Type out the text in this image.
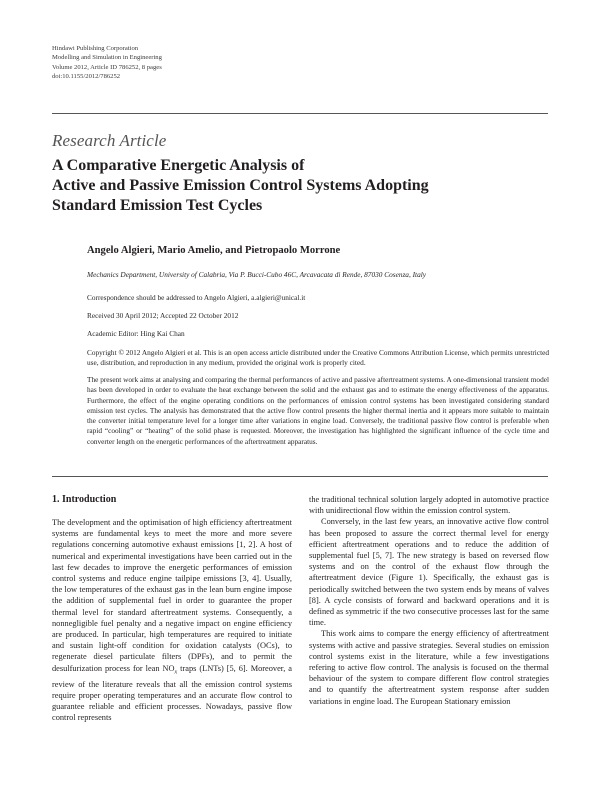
Hindawi Publishing Corporation
Modelling and Simulation in Engineering
Volume 2012, Article ID 786252, 8 pages
doi:10.1155/2012/786252
Research Article
A Comparative Energetic Analysis of
Active and Passive Emission Control Systems Adopting
Standard Emission Test Cycles
Angelo Algieri, Mario Amelio, and Pietropaolo Morrone
Mechanics Department, University of Calabria, Via P. Bucci-Cubo 46C, Arcavacata di Rende, 87030 Cosenza, Italy
Correspondence should be addressed to Angelo Algieri, a.algieri@unical.it
Received 30 April 2012; Accepted 22 October 2012
Academic Editor: Hing Kai Chan
Copyright © 2012 Angelo Algieri et al. This is an open access article distributed under the Creative Commons Attribution License, which permits unrestricted use, distribution, and reproduction in any medium, provided the original work is properly cited.
The present work aims at analysing and comparing the thermal performances of active and passive aftertreatment systems. A one-dimensional transient model has been developed in order to evaluate the heat exchange between the solid and the exhaust gas and to estimate the energy effectiveness of the apparatus. Furthermore, the effect of the engine operating conditions on the performances of emission control systems has been investigated considering standard emission test cycles. The analysis has demonstrated that the active flow control presents the higher thermal inertia and it appears more suitable to maintain the converter initial temperature level for a longer time after variations in engine load. Conversely, the traditional passive flow control is preferable when rapid “cooling” or “heating” of the solid phase is requested. Moreover, the investigation has highlighted the significant influence of the cycle time and converter length on the energetic performances of the aftertreatment apparatus.
1. Introduction

The development and the optimisation of high efficiency aftertreatment systems are fundamental keys to meet the more and more severe regulations concerning automotive exhaust emissions [1, 2]. A host of numerical and experimental investigations have been carried out in the last few decades to improve the energetic performances of emission control systems and reduce engine tailpipe emissions [3, 4]. Usually, the low temperatures of the exhaust gas in the lean burn engine impose the addition of supplemental fuel in order to guarantee the proper thermal level for standard aftertreatment systems. Consequently, a nonnegligible fuel penalty and a negative impact on engine efficiency are produced. In particular, high temperatures are required to initiate and sustain light-off condition for oxidation catalysts (OCs), to regenerate diesel particulate filters (DPFs), and to permit the desulfurization process for lean $NO_x$ traps (LNTs) [5, 6]. Moreover, a review of the literature reveals that all the emission control systems require proper operating temperatures and an accurate flow control to guarantee reliable and efficient processes. Nowadays, passive flow control represents

the traditional technical solution largely adopted in automotive practice with unidirectional flow within the emission control system.

Conversely, in the last few years, an innovative active flow control has been proposed to assure the correct thermal level for energy efficient aftertreatment operations and to reduce the addition of supplemental fuel [5, 7]. The new strategy is based on reversed flow systems and on the control of the exhaust flow through the aftertreatment device (Figure 1). Specifically, the exhaust gas is periodically switched between the two system ends by means of valves [8]. A cycle consists of forward and backward operations and it is defined as symmetric if the two consecutive processes last for the same time.

This work aims to compare the energy efficiency of aftertreatment systems with active and passive strategies. Several studies on emission control systems exist in the literature, while a few investigations refering to active flow control. The analysis is focused on the thermal behaviour of the system to compare different flow control strategies and to quantify the aftertreatment system response after sudden variations in engine load. The European Stationary emission
